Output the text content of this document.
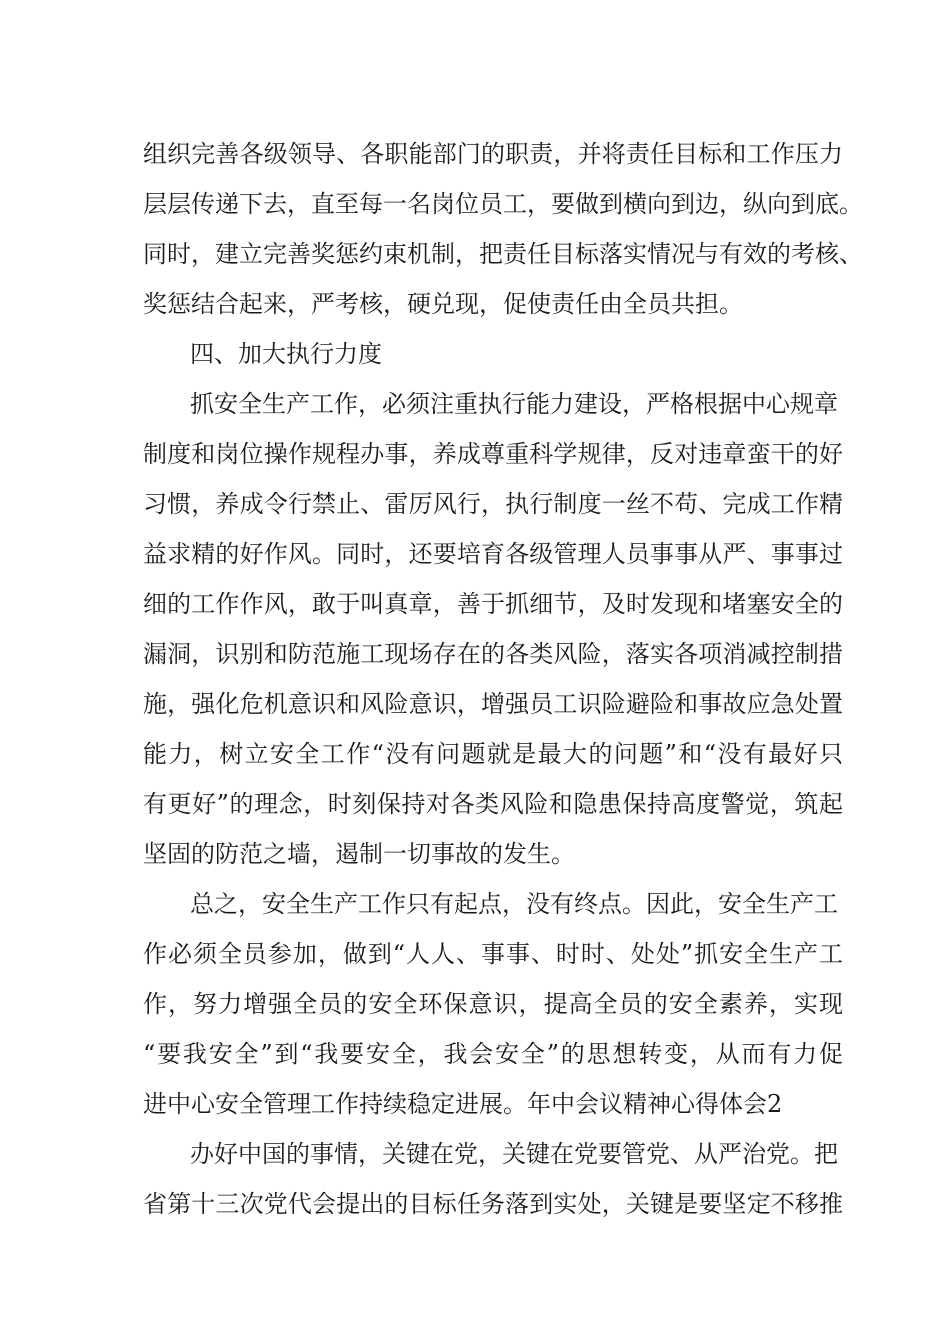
组织完善各级领导、各职能部门的职责，并将责任目标和工作压力
层层传递下去，直至每一名岗位员工，要做到横向到边，纵向到底。
同时，建立完善奖惩约束机制，把责任目标落实情况与有效的考核、
奖惩结合起来，严考核，硬兑现，促使责任由全员共担。
四、加大执行力度
抓安全生产工作，必须注重执行能力建设，严格根据中心规章
制度和岗位操作规程办事，养成尊重科学规律，反对违章蛮干的好
习惯，养成令行禁止、雷厉风行，执行制度一丝不苟、完成工作精
益求精的好作风。同时，还要培育各级管理人员事事从严、事事过
细的工作作风，敢于叫真章，善于抓细节，及时发现和堵塞安全的
漏洞，识别和防范施工现场存在的各类风险，落实各项消减控制措
施，强化危机意识和风险意识，增强员工识险避险和事故应急处置
能力，树立安全工作“没有问题就是最大的问题”和“没有最好只
有更好”的理念，时刻保持对各类风险和隐患保持高度警觉，筑起
坚固的防范之墙，遏制一切事故的发生。
总之，安全生产工作只有起点，没有终点。因此，安全生产工
作必须全员参加，做到“人人、事事、时时、处处”抓安全生产工
作，努力增强全员的安全环保意识，提高全员的安全素养，实现
“要我安全”到“我要安全，我会安全”的思想转变，从而有力促
进中心安全管理工作持续稳定进展。年中会议精神心得体会2
办好中国的事情，关键在党，关键在党要管党、从严治党。把
省第十三次党代会提出的目标任务落到实处，关键是要坚定不移推
